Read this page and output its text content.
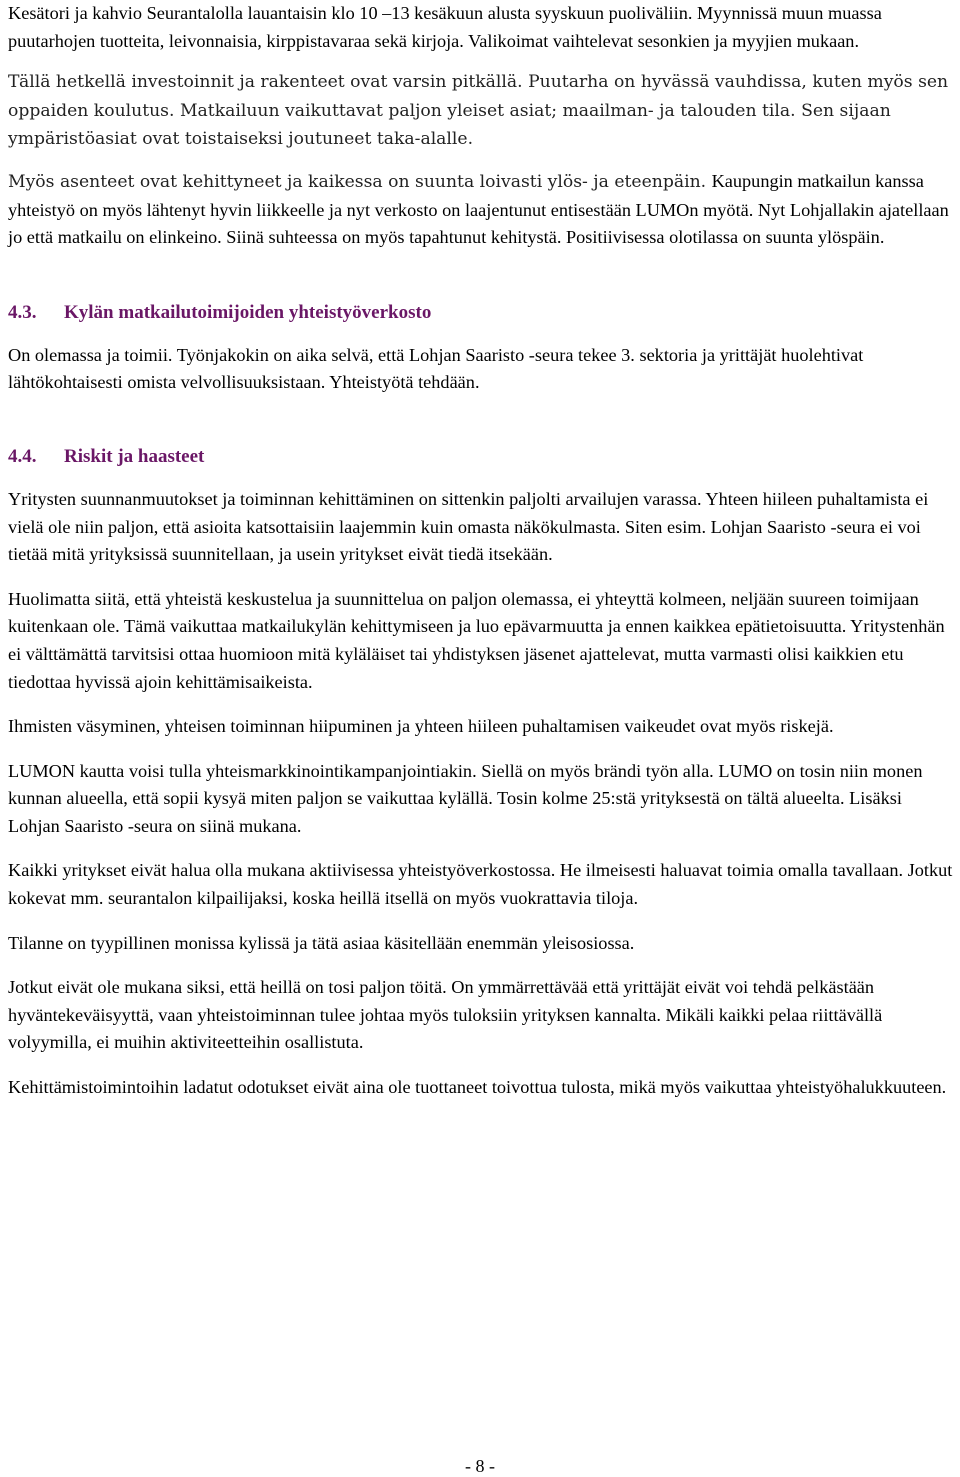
Kesätori ja kahvio Seurantalolla lauantaisin klo 10 –13 kesäkuun alusta syyskuun puoliväliin. Myynnissä muun muassa puutarhojen tuotteita, leivonnaisia, kirppistavaraa sekä kirjoja. Valikoimat vaihtelevat sesonkien ja myyjien mukaan.

Tällä hetkellä investoinnit ja rakenteet ovat varsin pitkällä. Puutarha on hyvässä vauhdissa, kuten myös sen oppaiden koulutus. Matkailuun vaikuttavat paljon yleiset asiat; maailman- ja talouden tila. Sen sijaan ympäristöasiat ovat toistaiseksi joutuneet taka-alalle.

Myös asenteet ovat kehittyneet ja kaikessa on suunta loivasti ylös- ja eteenpäin. Kaupungin matkailun kanssa yhteistyö on myös lähtenyt hyvin liikkeelle ja nyt verkosto on laajentunut entisestään LUMOn myötä. Nyt Lohjallakin ajatellaan jo että matkailu on elinkeino. Siinä suhteessa on myös tapahtunut kehitystä. Positiivisessa olotilassa on suunta ylöspäin.

4.3. Kylän matkailutoimijoiden yhteistyöverkosto

On olemassa ja toimii. Työnjakokin on aika selvä, että Lohjan Saaristo -seura tekee 3. sektoria ja yrittäjät huolehtivat lähtökohtaisesti omista velvollisuuksistaan. Yhteistyötä tehdään.

4.4. Riskit ja haasteet

Yritysten suunnanmuutokset ja toiminnan kehittäminen on sittenkin paljolti arvailujen varassa. Yhteen hiileen puhaltamista ei vielä ole niin paljon, että asioita katsottaisiin laajemmin kuin omasta näkökulmasta. Siten esim. Lohjan Saaristo -seura ei voi tietää mitä yrityksissä suunnitellaan, ja usein yritykset eivät tiedä itsekään.

Huolimatta siitä, että yhteistä keskustelua ja suunnittelua on paljon olemassa, ei yhteyttä kolmeen, neljään suureen toimijaan kuitenkaan ole. Tämä vaikuttaa matkailukylän kehittymiseen ja luo epävarmuutta ja ennen kaikkea epätietoisuutta. Yritystenhän ei välttämättä tarvitsisi ottaa huomioon mitä kyläläiset tai yhdistyksen jäsenet ajattelevat, mutta varmasti olisi kaikkien etu tiedottaa hyvissä ajoin kehittämisaikeista.

Ihmisten väsyminen, yhteisen toiminnan hiipuminen ja yhteen hiileen puhaltamisen vaikeudet ovat myös riskejä.

LUMON kautta voisi tulla yhteismarkkinointikampanjointiakin. Siellä on myös brändi työn alla. LUMO on tosin niin monen kunnan alueella, että sopii kysyä miten paljon se vaikuttaa kylällä. Tosin kolme 25:stä yrityksestä on tältä alueelta. Lisäksi Lohjan Saaristo -seura on siinä mukana.

Kaikki yritykset eivät halua olla mukana aktiivisessa yhteistyöverkostossa. He ilmeisesti haluavat toimia omalla tavallaan. Jotkut kokevat mm. seurantalon kilpailijaksi, koska heillä itsellä on myös vuokrattavia tiloja.

Tilanne on tyypillinen monissa kylissä ja tätä asiaa käsitellään enemmän yleisosiossa.

Jotkut eivät ole mukana siksi, että heillä on tosi paljon töitä. On ymmärrettävää että yrittäjät eivät voi tehdä pelkästään hyväntekeväisyyttä, vaan yhteistoiminnan tulee johtaa myös tuloksiin yrityksen kannalta. Mikäli kaikki pelaa riittävällä volyymilla, ei muihin aktiviteetteihin osallistuta.

Kehittämistoimintoihin ladatut odotukset eivät aina ole tuottaneet toivottua tulosta, mikä myös vaikuttaa yhteistyöhalukkuuteen.

- 8 -
